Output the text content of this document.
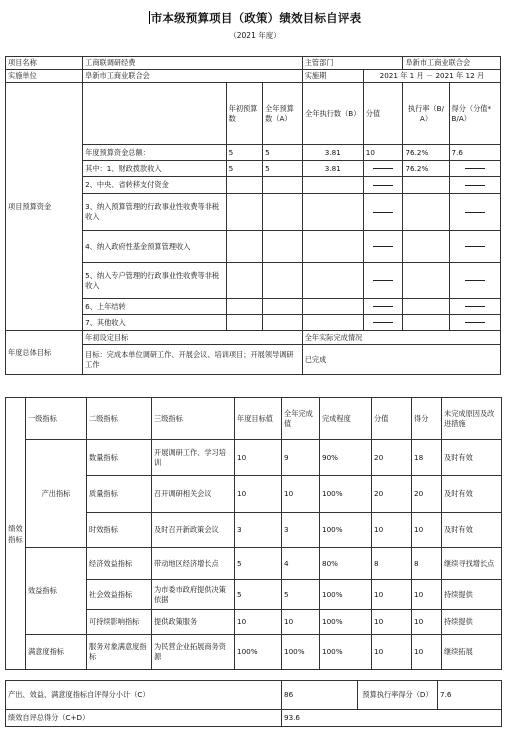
市本级预算项目（政策）绩效目标自评表
（2021 年度）
项目名称	工商联调研经费			主管部门		阜新市工商业联合会	
实施单位	阜新市工商业联合会			实施期	2021 年 1 月 － 2021 年 12 月		
项目预算资金		年初预算数	全年预算数（A）	全年执行数（B）	分值	执行率（B/A）	得分（分值*B/A）
	年度预算资金总额：	5	5	3.81	10	76.2%	7.6
	其中：1、财政拨款收入	5	5	3.81		76.2%	
	2、中央、省转移支付资金						
	3、纳入预算管理的行政事业性收费等非税收入						
	4、纳入政府性基金预算管理收入						
	5、纳入专户管理的行政事业性收费等非税收入						
	6、上年结转						
	7、其他收入						
年度总体目标	年初设定目标			全年实际完成情况			
	目标：完成本单位调研工作、开展会议、培训项目；开展领导调研工作			已完成			
绩效指标	一级指标	二级指标	三级指标	年度目标值	全年完成值	完成程度	分值	得分	未完成原因及改进措施
	产出指标	数量指标	开展调研工作、学习培训	10	9	90%	20	18	及时有效
		质量指标	召开调研相关会议	10	10	100%	20	20	及时有效
		时效指标	及时召开新政策会议	3	3	100%	10	10	及时有效
	效益指标	经济效益指标	带动地区经济增长点	5	4	80%	8	8	继续寻找增长点
		社会效益指标	为市委市政府提供决策依据	5	5	100%	10	10	持续提供
		可持续影响指标	提供政策服务	10	10	100%	10	10	持续提供
	满意度指标	服务对象满意度指标	为民营企业拓展商务资源	100%	100%	100%	10	10	继续拓展
产出、效益、满意度指标自评得分小计（C）	86	预算执行率得分（D）	7.6
绩效自评总得分（C+D）	93.6		
